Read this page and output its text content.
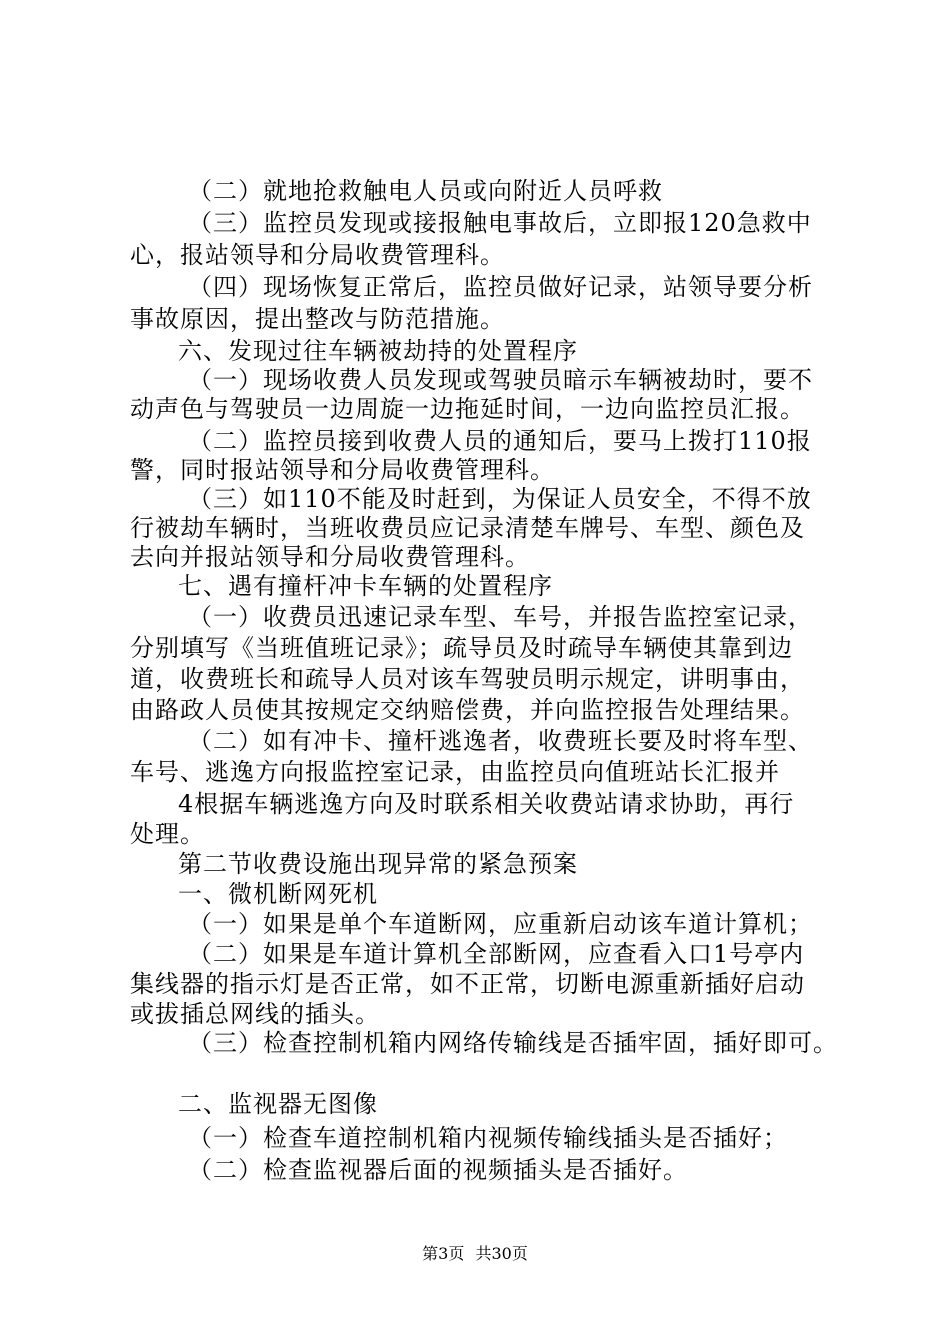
（二）就地抢救触电人员或向附近人员呼救
（三）监控员发现或接报触电事故后，立即报120急救中
心，报站领导和分局收费管理科。
（四）现场恢复正常后，监控员做好记录，站领导要分析
事故原因，提出整改与防范措施。
六、发现过往车辆被劫持的处置程序
（一）现场收费人员发现或驾驶员暗示车辆被劫时，要不
动声色与驾驶员一边周旋一边拖延时间，一边向监控员汇报。
（二）监控员接到收费人员的通知后，要马上拨打110报
警，同时报站领导和分局收费管理科。
（三）如110不能及时赶到，为保证人员安全，不得不放
行被劫车辆时，当班收费员应记录清楚车牌号、车型、颜色及
去向并报站领导和分局收费管理科。
七、遇有撞杆冲卡车辆的处置程序
（一）收费员迅速记录车型、车号，并报告监控室记录，
分别填写《当班值班记录》；疏导员及时疏导车辆使其靠到边
道，收费班长和疏导人员对该车驾驶员明示规定，讲明事由，
由路政人员使其按规定交纳赔偿费，并向监控报告处理结果。
（二）如有冲卡、撞杆逃逸者，收费班长要及时将车型、
车号、逃逸方向报监控室记录，由监控员向值班站长汇报并
4根据车辆逃逸方向及时联系相关收费站请求协助，再行
处理。
第二节收费设施出现异常的紧急预案
一、微机断网死机
（一）如果是单个车道断网，应重新启动该车道计算机；
（二）如果是车道计算机全部断网，应查看入口1号亭内
集线器的指示灯是否正常，如不正常，切断电源重新插好启动
或拔插总网线的插头。
（三）检查控制机箱内网络传输线是否插牢固，插好即可。
二、监视器无图像
（一）检查车道控制机箱内视频传输线插头是否插好；
（二）检查监视器后面的视频插头是否插好。
第3页 共30页
